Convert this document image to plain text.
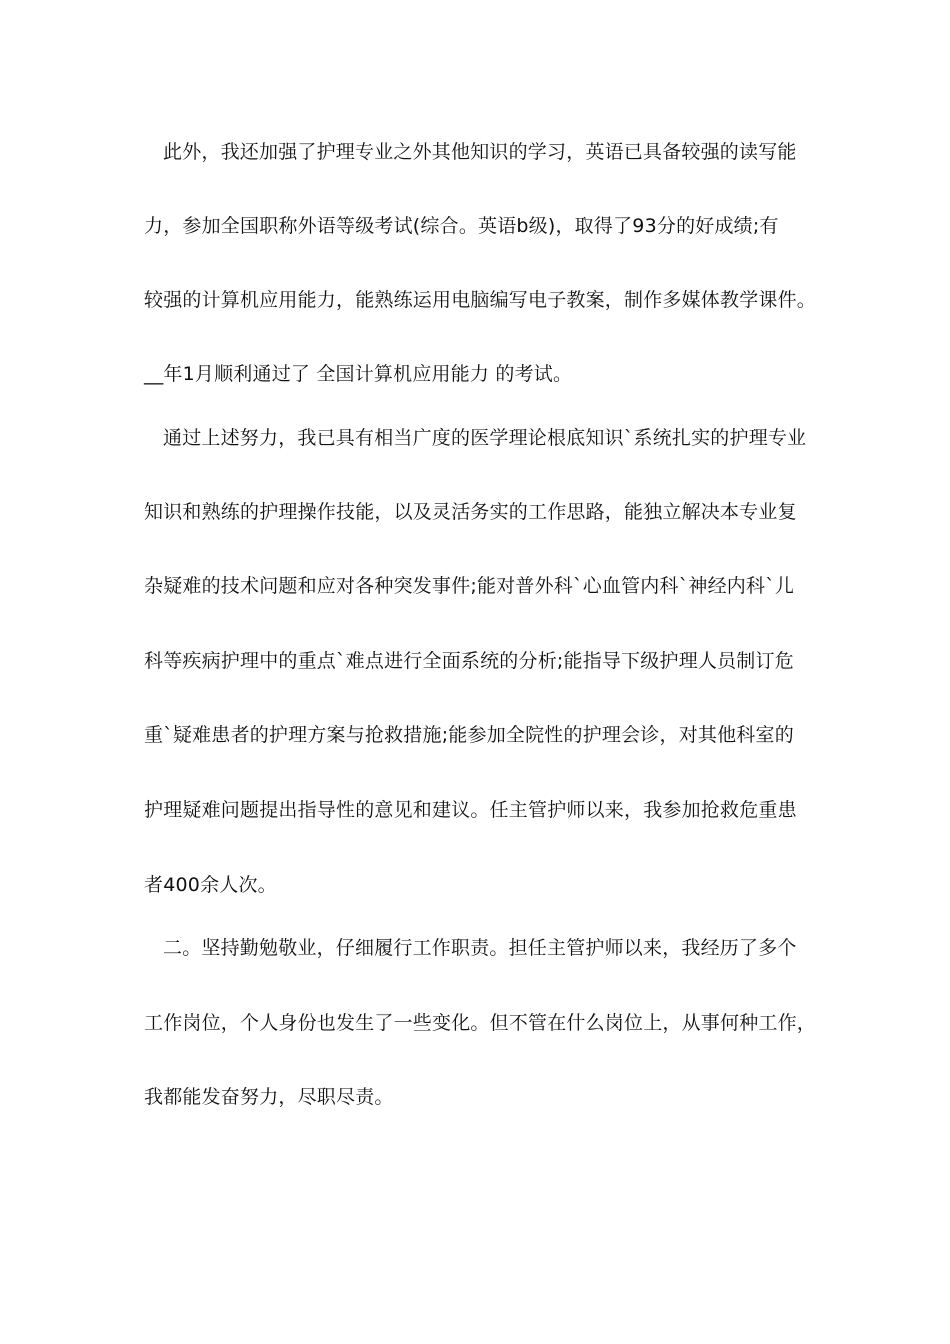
此外，我还加强了护理专业之外其他知识的学习，英语已具备较强的读写能
力，参加全国职称外语等级考试(综合。英语b级)，取得了93分的好成绩;有
较强的计算机应用能力，能熟练运用电脑编写电子教案，制作多媒体教学课件。
__年1月顺利通过了 全国计算机应用能力 的考试。
通过上述努力，我已具有相当广度的医学理论根底知识`系统扎实的护理专业
知识和熟练的护理操作技能，以及灵活务实的工作思路，能独立解决本专业复
杂疑难的技术问题和应对各种突发事件;能对普外科`心血管内科`神经内科`儿
科等疾病护理中的重点`难点进行全面系统的分析;能指导下级护理人员制订危
重`疑难患者的护理方案与抢救措施;能参加全院性的护理会诊，对其他科室的
护理疑难问题提出指导性的意见和建议。任主管护师以来，我参加抢救危重患
者400余人次。
二。坚持勤勉敬业，仔细履行工作职责。担任主管护师以来，我经历了多个
工作岗位，个人身份也发生了一些变化。但不管在什么岗位上，从事何种工作，
我都能发奋努力，尽职尽责。
